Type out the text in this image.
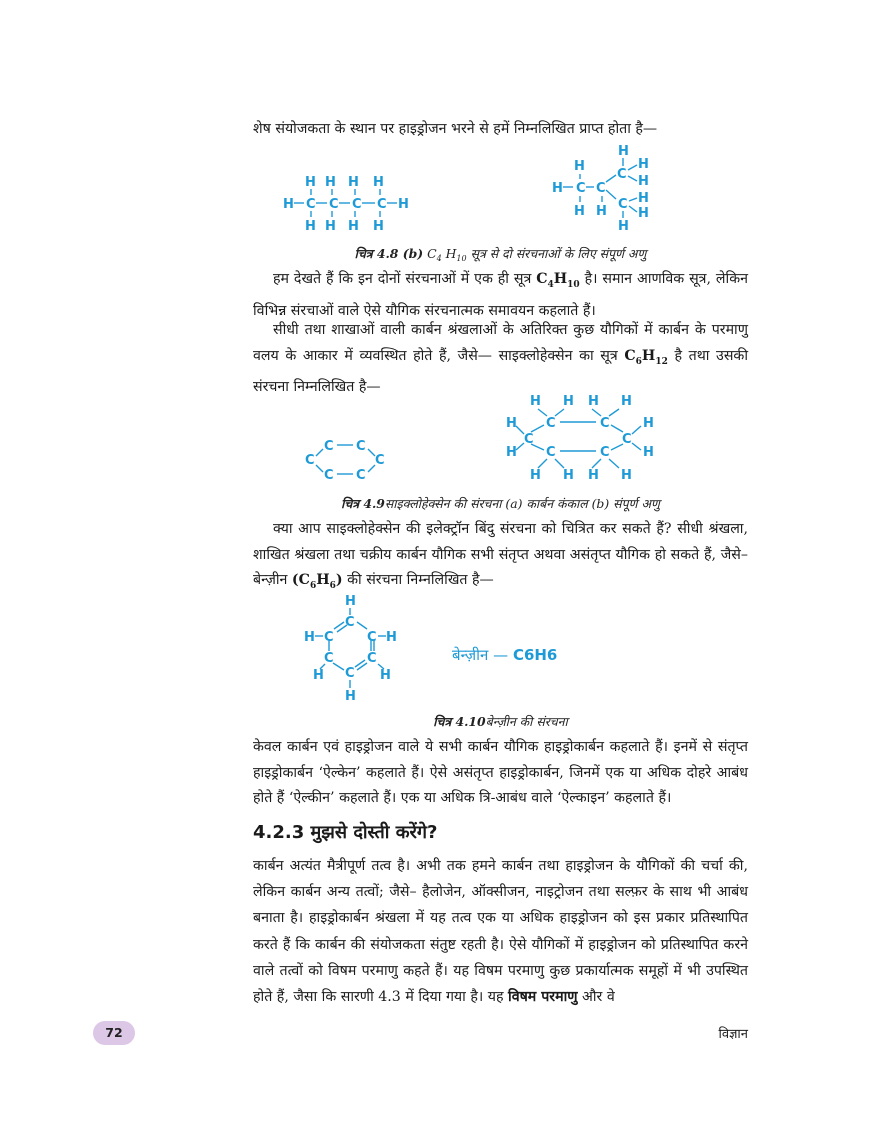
शेष संयोजकता के स्थान पर हाइड्रोजन भरने से हमें निम्नलिखित प्राप्त होता है—

H H H H
H C C C C H
H H H H
H
H	H
C
H C C H
H
C
H H H
H
चित्र 4.8 (b) $C_4$ $H_{10}$ सूत्र से दो संरचनाओं के लिए संपूर्ण अणु

हम देखते हैं कि इन दोनों संरचनाओं में एक ही सूत्र $C_4H_{10}$ है। समान आणविक सूत्र, लेकिन विभिन्न संरचाओं वाले ऐसे यौगिक संरचनात्मक समावयन कहलाते हैं।

सीधी तथा शाखाओं वाली कार्बन श्रंखलाओं के अतिरिक्त कुछ यौगिकों में कार्बन के परमाणु वलय के आकार में व्यवस्थित होते हैं, जैसे— साइक्लोहेक्सेन का सूत्र $C_6H_{12}$ है तथा उसकी संरचना निम्नलिखित है—

C C
C	C
C C
H H H H
H C	C	H
C	C
H C	C	H
H H H H
चित्र 4.9साइक्लोहेक्सेन की संरचना (a) कार्बन कंकाल (b) संपूर्ण अणु

क्या आप साइक्लोहेक्सेन की इलेक्ट्रॉन बिंदु संरचना को चित्रित कर सकते हैं? सीधी श्रंखला, शाखित श्रंखला तथा चक्रीय कार्बन यौगिक सभी संतृप्त अथवा असंतृप्त यौगिक हो सकते हैं, जैसे– बेन्ज़ीन $(C_6H_6)$ की संरचना निम्नलिखित है—

H
C
H C	C H
C	C
H C H
H
बेन्ज़ीन — C6H6
चित्र 4.10बेन्ज़ीन की संरचना

केवल कार्बन एवं हाइड्रोजन वाले ये सभी कार्बन यौगिक हाइड्रोकार्बन कहलाते हैं। इनमें से संतृप्त हाइड्रोकार्बन ‘ऐल्केन’ कहलाते हैं। ऐसे असंतृप्त हाइड्रोकार्बन, जिनमें एक या अधिक दोहरे आबंध होते हैं ‘ऐल्कीन’ कहलाते हैं। एक या अधिक त्रि-आबंध वाले ‘ऐल्काइन’ कहलाते हैं।

4.2.3 मुझसे दोस्ती करेंगे?

कार्बन अत्यंत मैत्रीपूर्ण तत्व है। अभी तक हमने कार्बन तथा हाइड्रोजन के यौगिकों की चर्चा की, लेकिन कार्बन अन्य तत्वों; जैसे– हैलोजेन, ऑक्सीजन, नाइट्रोजन तथा सल्फ़र के साथ भी आबंध बनाता है। हाइड्रोकार्बन श्रंखला में यह तत्व एक या अधिक हाइड्रोजन को इस प्रकार प्रतिस्थापित करते हैं कि कार्बन की संयोजकता संतुष्ट रहती है। ऐसे यौगिकों में हाइड्रोजन को प्रतिस्थापित करने वाले तत्वों को विषम परमाणु कहते हैं। यह विषम परमाणु कुछ प्रकार्यात्मक समूहों में भी उपस्थित होते हैं, जैसा कि सारणी 4.3 में दिया गया है। यह विषम परमाणु और वे

72	विज्ञान
